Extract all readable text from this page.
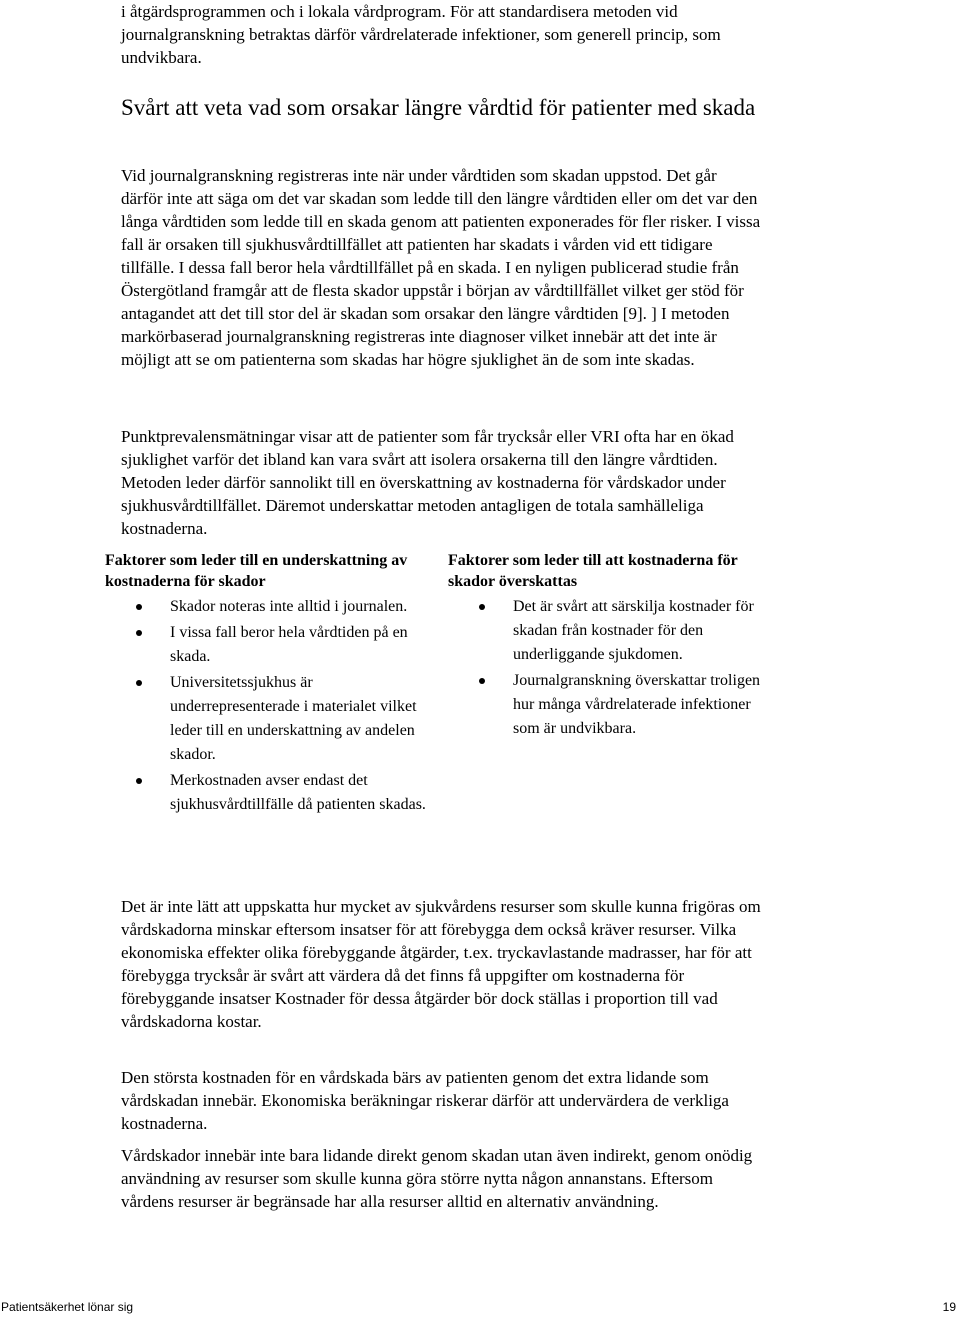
i åtgärdsprogrammen och i lokala vårdprogram. För att standardisera metoden vid journalgranskning betraktas därför vårdrelaterade infektioner, som generell princip, som undvikbara.

Svårt att veta vad som orsakar längre vårdtid för patienter med skada

Vid journalgranskning registreras inte när under vårdtiden som skadan uppstod. Det går därför inte att säga om det var skadan som ledde till den längre vårdtiden eller om det var den långa vårdtiden som ledde till en skada genom att patienten exponerades för fler risker. I vissa fall är orsaken till sjukhusvårdtillfället att patienten har skadats i vården vid ett tidigare tillfälle. I dessa fall beror hela vårdtillfället på en skada. I en nyligen publicerad studie från Östergötland framgår att de flesta skador uppstår i början av vårdtillfället vilket ger stöd för antagandet att det till stor del är skadan som orsakar den längre vårdtiden [9]. ] I metoden markörbaserad journalgranskning registreras inte diagnoser vilket innebär att det inte är möjligt att se om patienterna som skadas har högre sjuklighet än de som inte skadas.

Punktprevalensmätningar visar att de patienter som får trycksår eller VRI ofta har en ökad sjuklighet varför det ibland kan vara svårt att isolera orsakerna till den längre vårdtiden. Metoden leder därför sannolikt till en överskattning av kostnaderna för vårdskador under sjukhusvårdtillfället. Däremot underskattar metoden antagligen de totala samhälleliga kostnaderna.

Faktorer som leder till en underskattning av kostnaderna för skador
Skador noteras inte alltid i journalen.
I vissa fall beror hela vårdtiden på en skada.
Universitetssjukhus är underrepresenterade i materialet vilket leder till en underskattning av andelen skador.
Merkostnaden avser endast det sjukhusvårdtillfälle då patienten skadas.
Faktorer som leder till att kostnaderna för skador överskattas
Det är svårt att särskilja kostnader för skadan från kostnader för den underliggande sjukdomen.
Journalgranskning överskattar troligen hur många vårdrelaterade infektioner som är undvikbara.

Det är inte lätt att uppskatta hur mycket av sjukvårdens resurser som skulle kunna frigöras om vårdskadorna minskar eftersom insatser för att förebygga dem också kräver resurser. Vilka ekonomiska effekter olika förebyggande åtgärder, t.ex. tryckavlastande madrasser, har för att förebygga trycksår är svårt att värdera då det finns få uppgifter om kostnaderna för förebyggande insatser Kostnader för dessa åtgärder bör dock ställas i proportion till vad vårdskadorna kostar.

Den största kostnaden för en vårdskada bärs av patienten genom det extra lidande som vårdskadan innebär. Ekonomiska beräkningar riskerar därför att undervärdera de verkliga kostnaderna.

Vårdskador innebär inte bara lidande direkt genom skadan utan även indirekt, genom onödig användning av resurser som skulle kunna göra större nytta någon annanstans. Eftersom vårdens resurser är begränsade har alla resurser alltid en alternativ användning.

Patientsäkerhet lönar sig	19
